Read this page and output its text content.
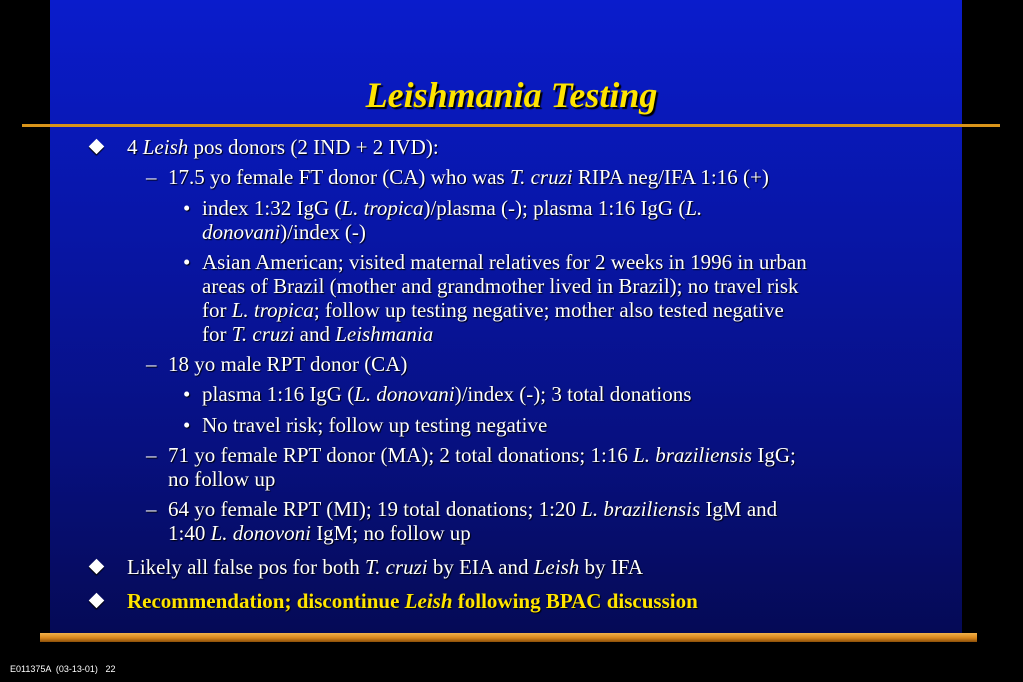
Leishmania Testing
4 Leish pos donors (2 IND + 2 IVD):
– 17.5 yo female FT donor (CA) who was T. cruzi RIPA neg/IFA 1:16 (+)
• index 1:32 IgG (L. tropica)/plasma (-); plasma 1:16 IgG (L.
donovani)/index (-)
• Asian American; visited maternal relatives for 2 weeks in 1996 in urban
areas of Brazil (mother and grandmother lived in Brazil); no travel risk
for L. tropica; follow up testing negative; mother also tested negative
for T. cruzi and Leishmania
– 18 yo male RPT donor (CA)
• plasma 1:16 IgG (L. donovani)/index (-); 3 total donations
• No travel risk; follow up testing negative
– 71 yo female RPT donor (MA); 2 total donations; 1:16 L. braziliensis IgG;
no follow up
– 64 yo female RPT (MI); 19 total donations; 1:20 L. braziliensis IgM and
1:40 L. donovoni IgM; no follow up
Likely all false pos for both T. cruzi by EIA and Leish by IFA
Recommendation; discontinue Leish following BPAC discussion
E011375A (03-13-01) 22
